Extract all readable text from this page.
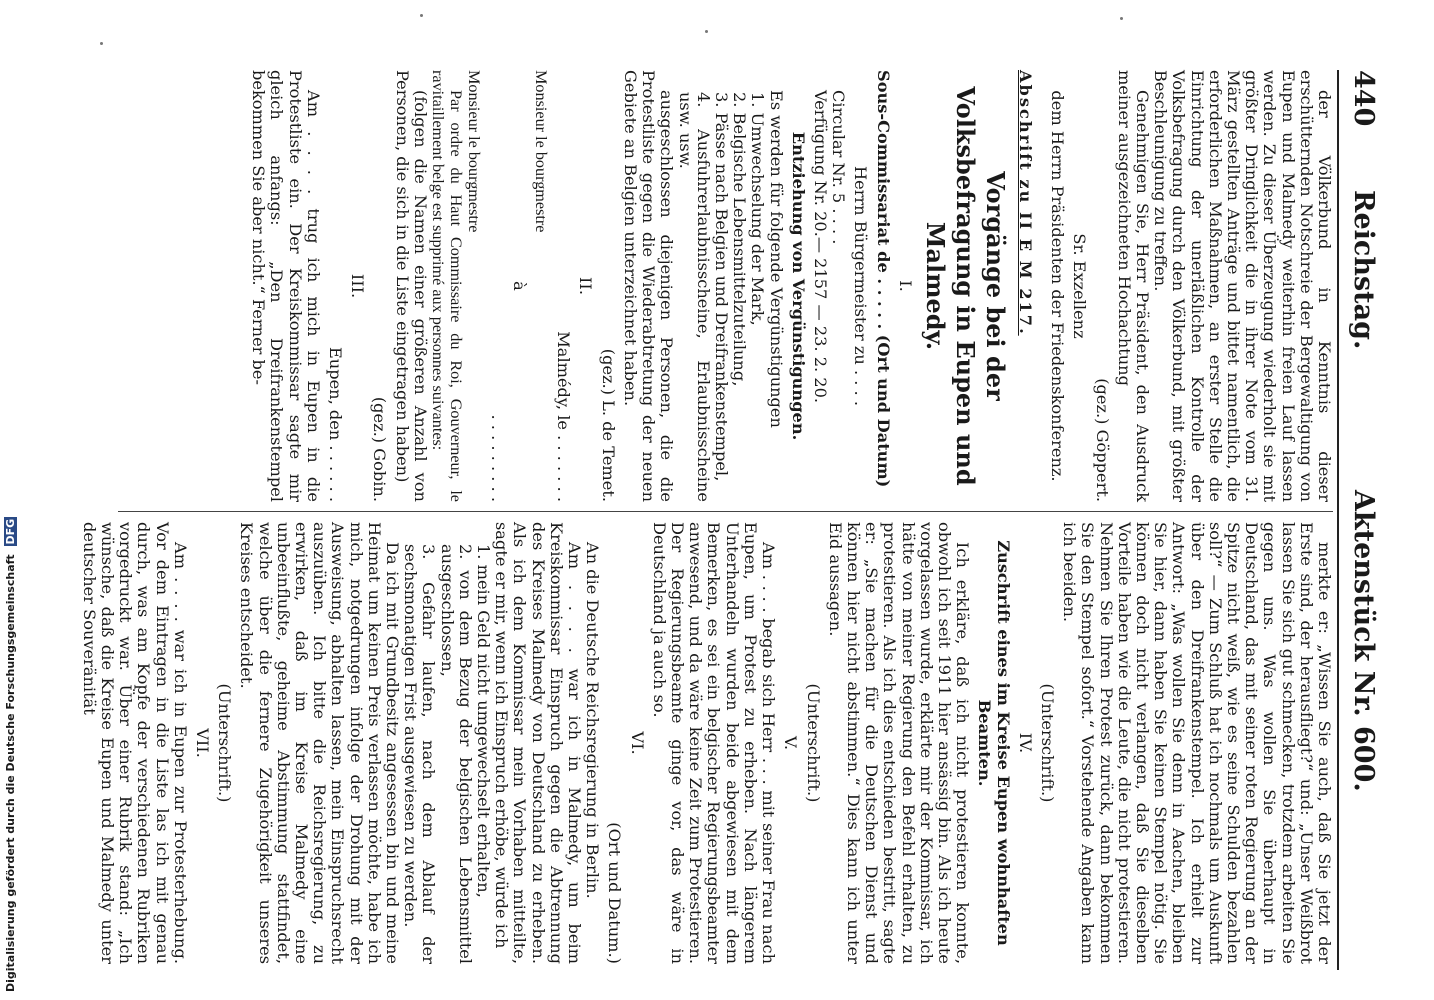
440
Reichstag.
Aktenstück Nr. 600.
der Völkerbund in Kenntnis dieser erschütternden Notschreie der Bergewaltigung von Eupen und Malmedy weiterhin freien Lauf lassen werden. Zu dieser Überzeugung wiederholt sie mit größter Dringlichkeit die in ihrer Note vom 31. März gestellten Anträge und bittet namentlich, die erforderlichen Maßnahmen, an erster Stelle die Einrichtung der unerläßlichen Kontrolle der Volksbefragung durch den Völkerbund, mit größter Beschleunigung zu treffen.
Genehmigen Sie, Herr Präsident, den Ausdruck meiner ausgezeichneten Hochachtung
(gez.) Göppert.
Sr. Exzellenz
dem Herrn Präsidenten der Friedenskonferenz.
Abschrift zu II E M 217.
Vorgänge bei der Volksbefragung in Eupen und Malmedy.
I.
Sous-Commissariat de . . . . . (Ort und Datum)
Herrn Bürgermeister zu . . . .
Circular Nr. 5 . . . .
Verfügung Nr. 20.— 2157 — 23. 2. 20.
Entziehung von Vergünstigungen.
Es werden für folgende Vergünstigungen
1. Umwechselung der Mark,
2. Belgische Lebensmittelzuteilung,
3. Pässe nach Belgien und Dreifrankenstempel,
4. Ausfuhrerlaubnisscheine, Erlaubnisscheine usw. usw.
ausgeschlossen diejenigen Personen, die die Protestliste gegen die Wiederabtretung der neuen Gebiete an Belgien unterzeichnet haben.
(gez.) L. de Temet.
II.
Malmédy, le . . . . . . .
Monsieur le bourgmestre
à
. . . . . . . . .
Monsieur le bourgmestre
Par ordre du Haut Commissaire du Roi, Gouverneur, le ravitaillement belge est supprimé aux personnes suivantes:
(folgen die Namen einer größeren Anzahl von Personen, die sich in die Liste eingetragen haben)
(gez.) Gobin.
III.
Eupen, den . . . . . .
Am . . . . trug ich mich in Eupen in die Protestliste ein. Der Kreiskommissar sagte mir gleich anfangs: „Den Dreifrankenstempel bekommen Sie aber nicht.“ Ferner be-
merkte er: „Wissen Sie auch, daß Sie jetzt der Erste sind, der herausfliegt?“ und: „Unser Weißbrot lassen Sie sich gut schmecken, trotzdem arbeiten Sie gegen uns. Was wollen Sie überhaupt in Deutschland, das mit seiner roten Regierung an der Spitze nicht weiß, wie es seine Schulden bezahlen soll?“ — Zum Schluß hat ich nochmals um Auskunft über den Dreifrankenstempel. Ich erhielt zur Antwort: „Was wollen Sie denn in Aachen, bleiben Sie hier, dann haben Sie keinen Stempel nötig. Sie können doch nicht verlangen, daß Sie dieselben Vorteile haben wie die Leute, die nicht protestieren. Nehmen Sie Ihren Protest zurück, dann bekommen Sie den Stempel sofort.“ Vorstehende Angaben kann ich beeiden.
(Unterschrift.)
IV.
Zuschrift eines im Kreise Eupen wohnhaften Beamten.
Ich erkläre, daß ich nicht protestieren konnte, obwohl ich seit 1911 hier ansässig bin. Als ich heute vorgelassen wurde, erklärte mir der Kommissar, ich hätte von meiner Regierung den Befehl erhalten, zu protestieren. Als ich dies entschieden bestritt, sagte er: „Sie machen für die Deutschen Dienst und können hier nicht abstimmen.“ Dies kann ich unter Eid aussagen.
(Unterschrift.)
V.
Am . . . . begab sich Herr . . . mit seiner Frau nach Eupen, um Protest zu erheben. Nach längerem Unterhandeln wurden beide abgewiesen mit dem Bemerken, es sei ein belgischer Regierungsbeamter anwesend, und da wäre keine Zeit zum Protestieren. Der Regierungsbeamte ginge vor, das wäre in Deutschland ja auch so.
VI.
(Ort und Datum.)
An die Deutsche Reichsregierung in Berlin.
Am . . . . war ich in Malmedy, um beim Kreiskommissar Einspruch gegen die Abtrennung des Kreises Malmedy von Deutschland zu erheben. Als ich dem Kommissar mein Vorhaben mitteilte, sagte er mir, wenn ich Einspruch erhöbe, würde ich
1. mein Geld nicht umgewechselt erhalten,
2. von dem Bezug der belgischen Lebensmittel ausgeschlossen,
3. Gefahr laufen, nach dem Ablauf der sechsmonatigen Frist ausgewiesen zu werden.
Da ich mit Grundbesitz angesessen bin und meine Heimat um keinen Preis verlassen möchte, habe ich mich, notgedrungen infolge der Drohung mit der Ausweisung, abhalten lassen, mein Einspruchsrecht auszuüben. Ich bitte die Reichsregierung, zu erwirken, daß im Kreise Malmedy eine unbeeinflußte, geheime Abstimmung stattfindet, welche über die fernere Zugehörigkeit unseres Kreises entscheidet.
(Unterschrift.)
VII.
Am . . . . war ich in Eupen zur Protesterhebung. Vor dem Eintragen in die Liste las ich mit genau durch, was am Kopfe der verschiedenen Rubriken vorgedruckt war. Über einer Rubrik stand: „Ich wünsche, daß die Kreise Eupen und Malmedy unter deutscher Souveränität
Digitalisierung gefördert durch die Deutsche Forschungsgemeinschaft DFG
